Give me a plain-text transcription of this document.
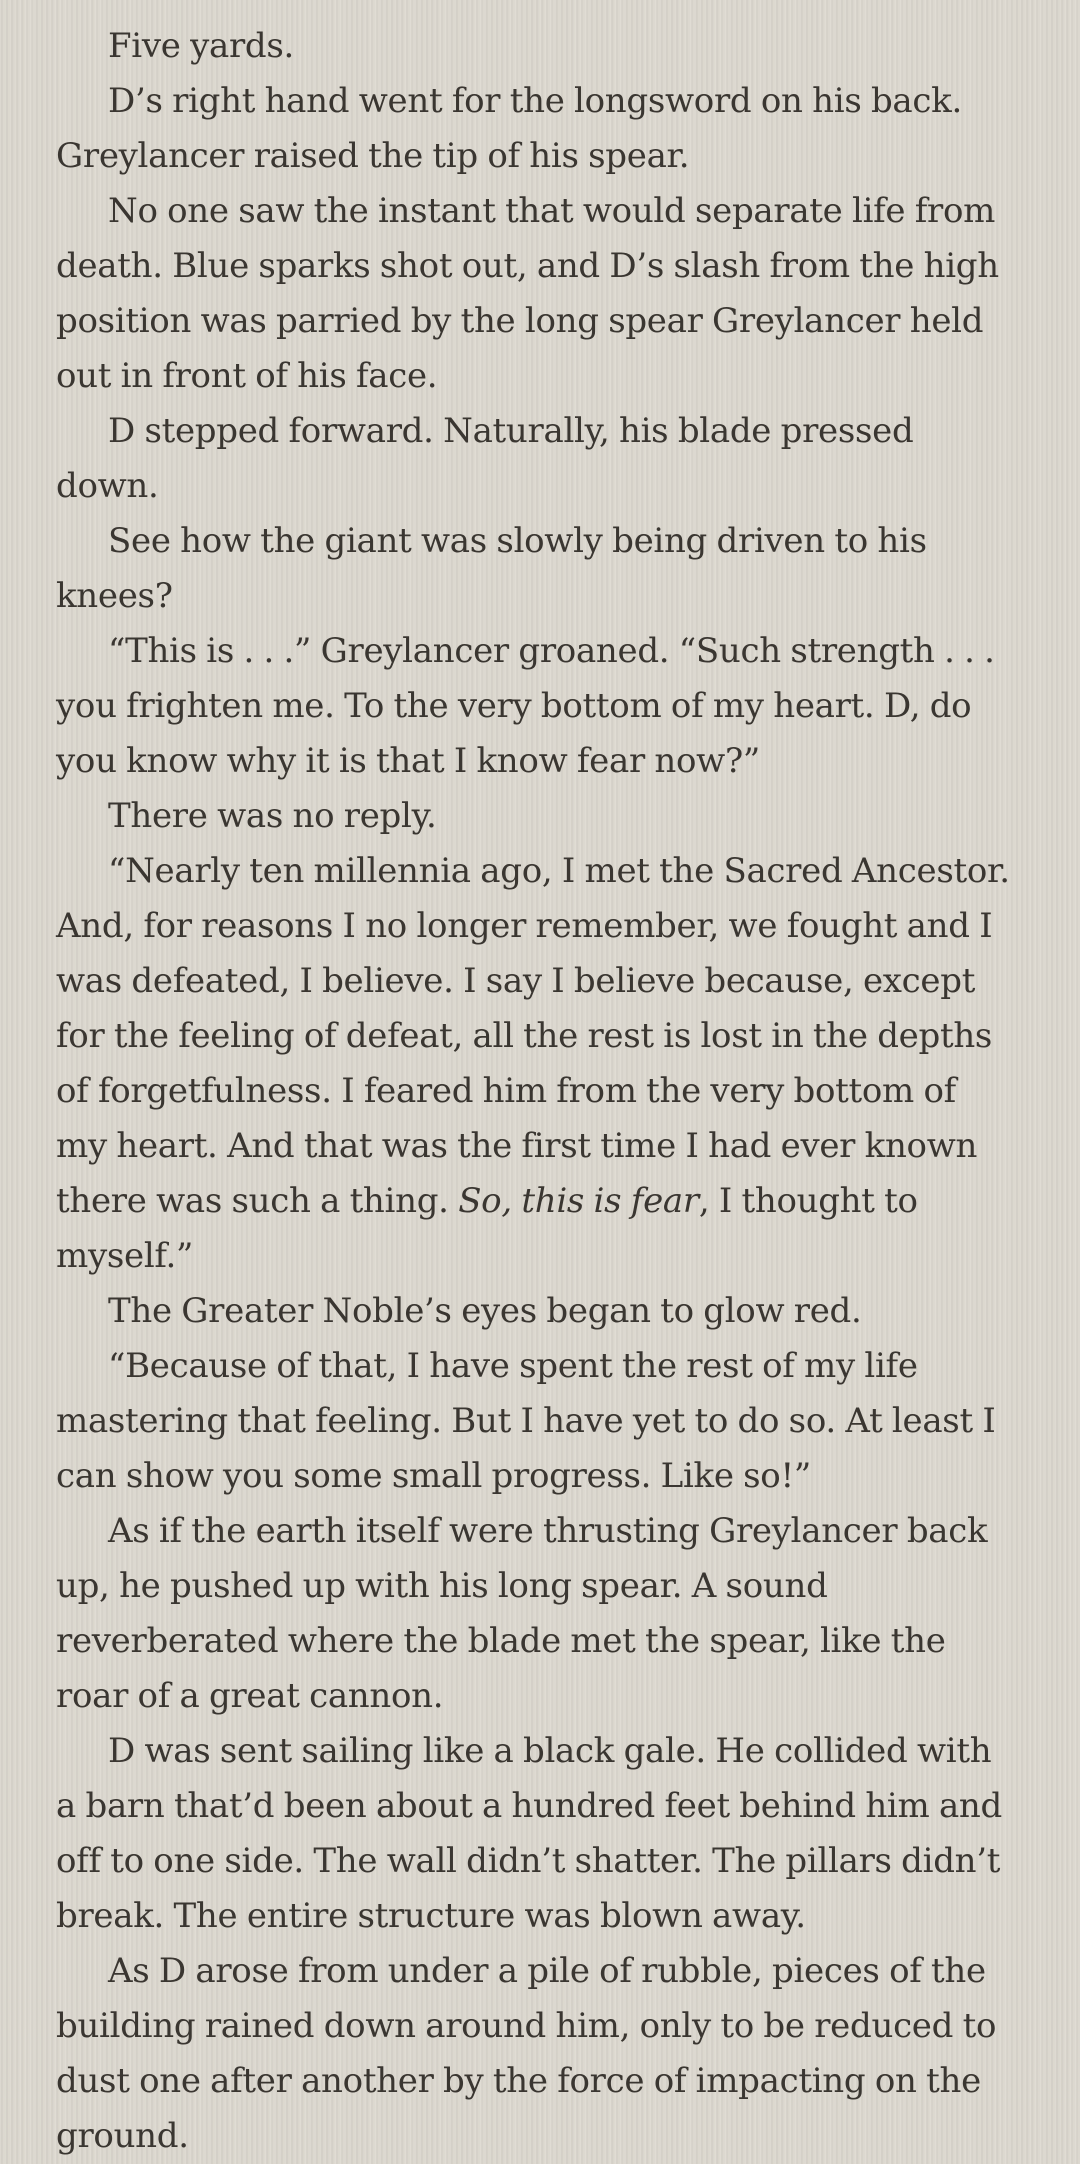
Five yards.

D’s right hand went for the longsword on his back. Greylancer raised the tip of his spear.

No one saw the instant that would separate life from death. Blue sparks shot out, and D’s slash from the high position was parried by the long spear Greylancer held out in front of his face.

D stepped forward. Naturally, his blade pressed down.

See how the giant was slowly being driven to his knees?

“This is . . .” Greylancer groaned. “Such strength . . . you frighten me. To the very bottom of my heart. D, do you know why it is that I know fear now?”

There was no reply.

“Nearly ten millennia ago, I met the Sacred Ancestor. And, for reasons I no longer remember, we fought and I was defeated, I believe. I say I believe because, except for the feeling of defeat, all the rest is lost in the depths of forgetfulness. I feared him from the very bottom of my heart. And that was the first time I had ever known there was such a thing. So, this is fear, I thought to myself.”

The Greater Noble’s eyes began to glow red.

“Because of that, I have spent the rest of my life mastering that feeling. But I have yet to do so. At least I can show you some small progress. Like so!”

As if the earth itself were thrusting Greylancer back up, he pushed up with his long spear. A sound reverberated where the blade met the spear, like the roar of a great cannon.

D was sent sailing like a black gale. He collided with a barn that’d been about a hundred feet behind him and off to one side. The wall didn’t shatter. The pillars didn’t break. The entire structure was blown away.

As D arose from under a pile of rubble, pieces of the building rained down around him, only to be reduced to dust one after another by the force of impacting on the ground.
